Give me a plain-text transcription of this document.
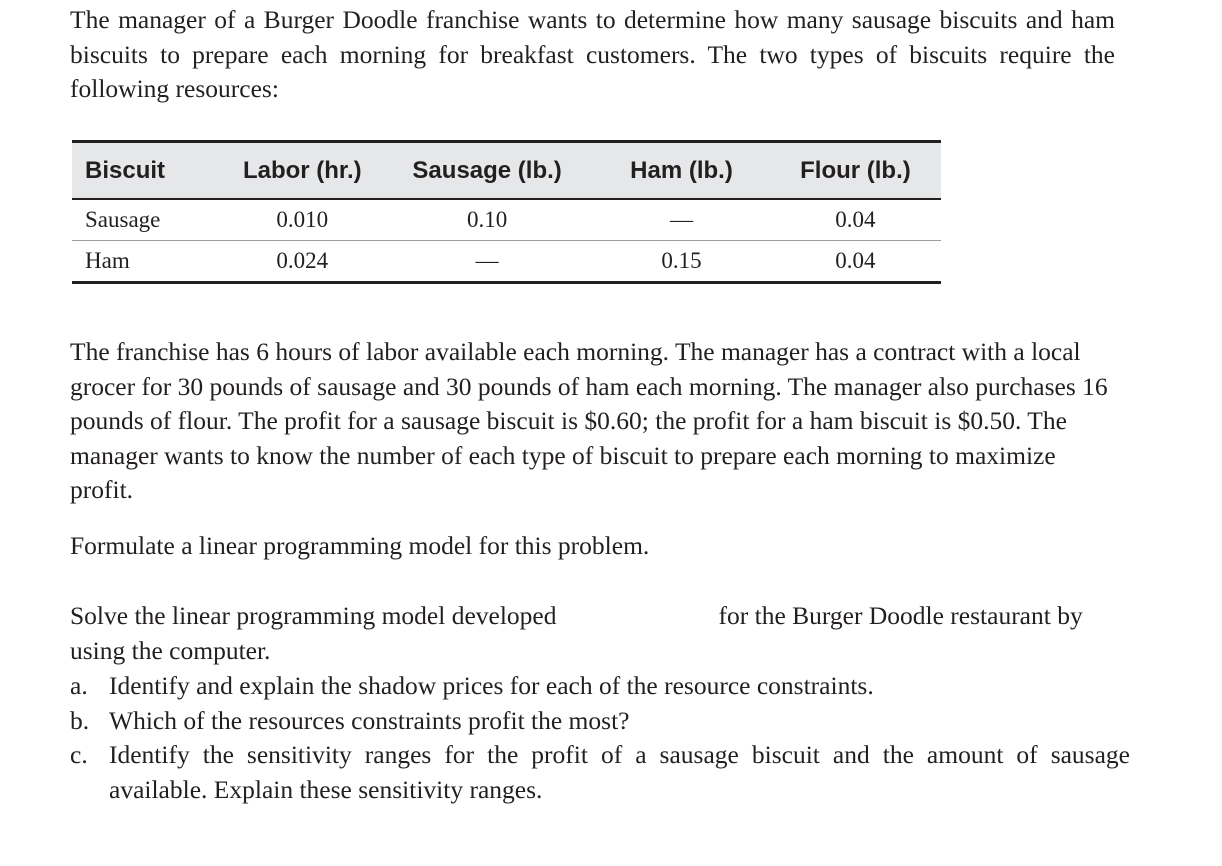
The manager of a Burger Doodle franchise wants to determine how many sausage biscuits and ham biscuits to prepare each morning for breakfast customers. The two types of biscuits require the following resources:

Biscuit	Labor (hr.)	Sausage (lb.)	Ham (lb.)	Flour (lb.)
Sausage	0.010	0.10	—	0.04
Ham	0.024	—	0.15	0.04

The franchise has 6 hours of labor available each morning. The manager has a contract with a local grocer for 30 pounds of sausage and 30 pounds of ham each morning. The manager also purchases 16 pounds of flour. The profit for a sausage biscuit is $0.60; the profit for a ham biscuit is $0.50. The manager wants to know the number of each type of biscuit to prepare each morning to maximize profit.

Formulate a linear programming model for this problem.

Solve the linear programming model developed	for the Burger Doodle restaurant by using the computer.

a. Identify and explain the shadow prices for each of the resource constraints.
b. Which of the resources constraints profit the most?
c. Identify the sensitivity ranges for the profit of a sausage biscuit and the amount of sausage available. Explain these sensitivity ranges.
